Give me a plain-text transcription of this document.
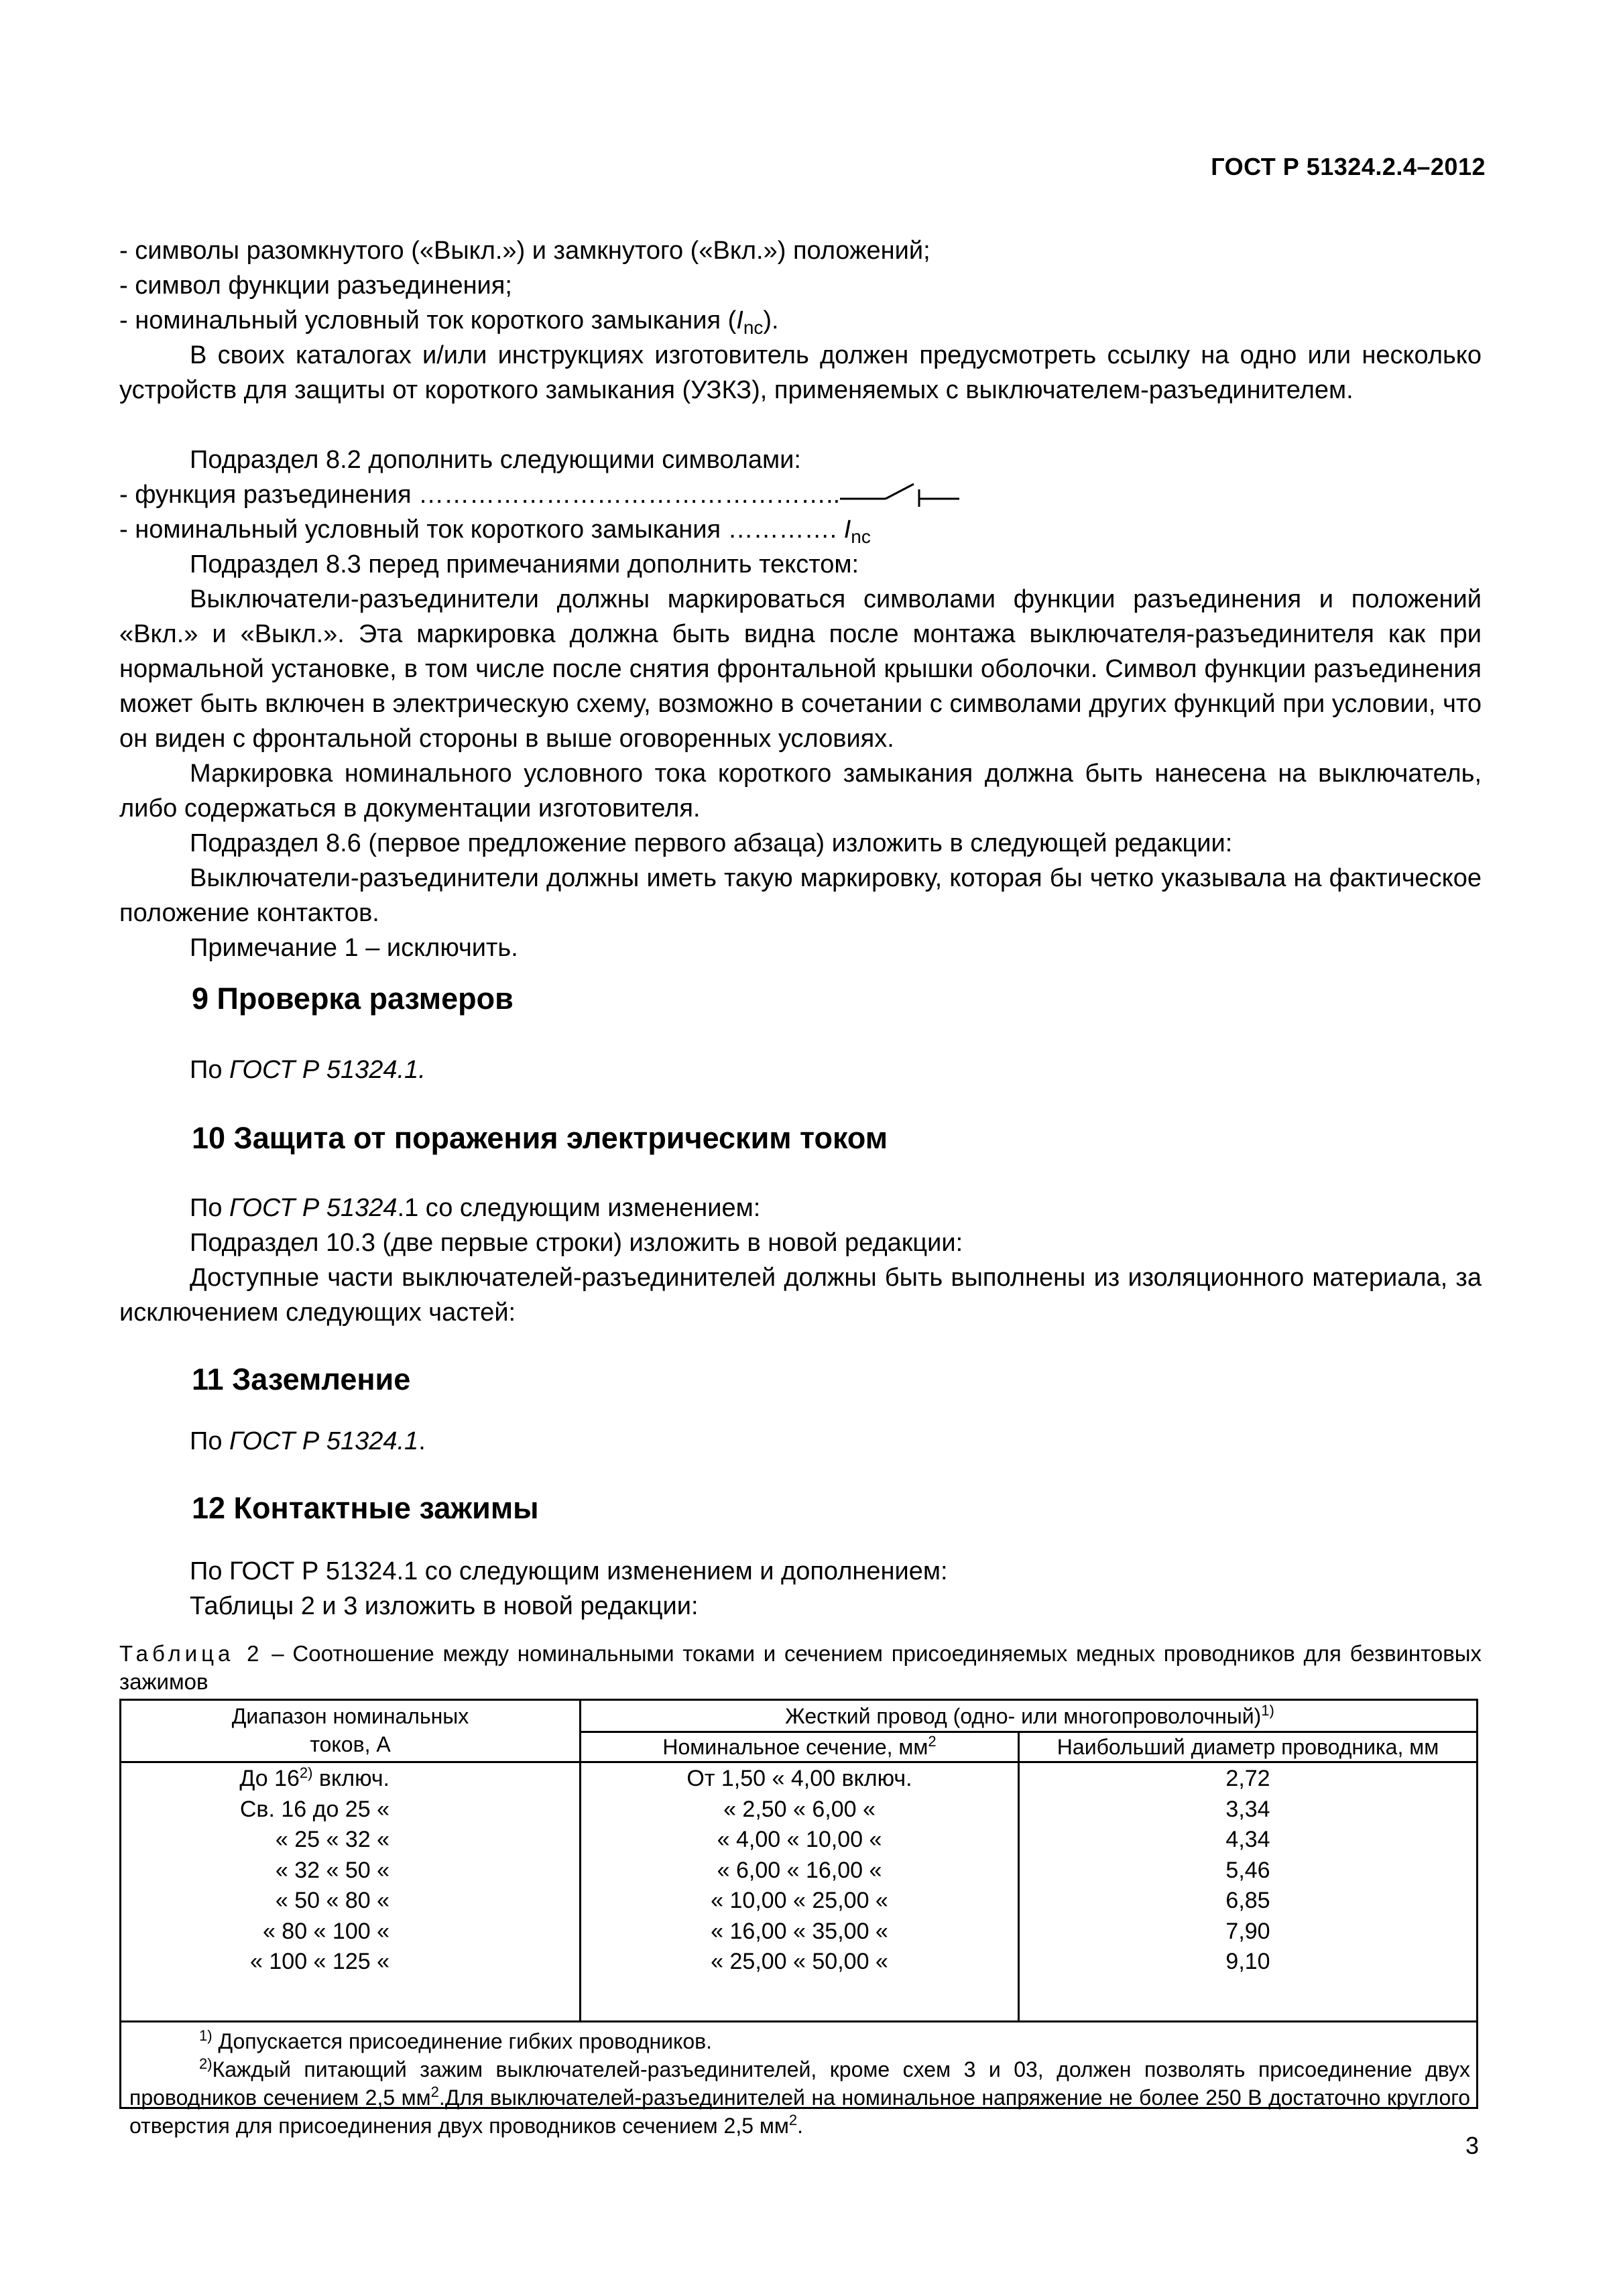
ГОСТ Р 51324.2.4–2012

- символы разомкнутого («Выкл.») и замкнутого («Вкл.») положений;

- символ функции разъединения;

- номинальный условный ток короткого замыкания $(I_{nc})$.

В своих каталогах и/или инструкциях изготовитель должен предусмотреть ссылку на одно или несколько устройств для защиты от короткого замыкания (УЗКЗ), применяемых с выключателем-разъединителем.

Подраздел 8.2 дополнить следующими символами:

- функция разъединения …………………………………………..

- номинальный условный ток короткого замыкания …………. $I_{nc}$

Подраздел 8.3 перед примечаниями дополнить текстом:

Выключатели-разъединители должны маркироваться символами функции разъединения и положений «Вкл.» и «Выкл.». Эта маркировка должна быть видна после монтажа выключателя-разъединителя как при нормальной установке, в том числе после снятия фронтальной крышки оболочки. Символ функции разъединения может быть включен в электрическую схему, возможно в сочетании с символами других функций при условии, что он виден с фронтальной стороны в выше оговоренных условиях.

Маркировка номинального условного тока короткого замыкания должна быть нанесена на выключатель, либо содержаться в документации изготовителя.

Подраздел 8.6 (первое предложение первого абзаца) изложить в следующей редакции:

Выключатели-разъединители должны иметь такую маркировку, которая бы четко указывала на фактическое положение контактов.

Примечание 1 – исключить.

9 Проверка размеров

По ГОСТ Р 51324.1.

10 Защита от поражения электрическим током

По ГОСТ Р 51324.1 со следующим изменением:

Подраздел 10.3 (две первые строки) изложить в новой редакции:

Доступные части выключателей-разъединителей должны быть выполнены из изоляционного материала, за исключением следующих частей:

11 Заземление

По ГОСТ Р 51324.1.

12 Контактные зажимы

По ГОСТ Р 51324.1 со следующим изменением и дополнением:

Таблицы 2 и 3 изложить в новой редакции:

Таблица 2 – Соотношение между номинальными токами и сечением присоединяемых медных проводников для безвинтовых зажимов
Диапазон номинальных
токов, А
Жесткий провод (одно- или многопроволочный)$^{1)}$
Номинальное сечение, $мм^2$	Наибольший диаметр проводника, мм
До 16$^{2)}$ включ.
Св. 16 до 25 «
« 25 « 32 «
« 32 « 50 «
« 50 « 80 «
« 80 « 100 «
« 100 « 125 «
От 1,50 « 4,00 включ.
« 2,50 « 6,00 «
« 4,00 « 10,00 «
« 6,00 « 16,00 «
« 10,00 « 25,00 «
« 16,00 « 35,00 «
« 25,00 « 50,00 «
2,72
3,34
4,34
5,46
6,85
7,90
9,10
$^{1)}$ Допускается присоединение гибких проводников.
$^{2)}$Каждый питающий зажим выключателей-разъединителей, кроме схем 3 и 03, должен позволять присоединение двух проводников сечением 2,5 $мм^2.Для$ выключателей-разъединителей на номинальное напряжение не более 250 В достаточно круглого отверстия для присоединения двух проводников сечением 2,5 $мм^2$.
3
